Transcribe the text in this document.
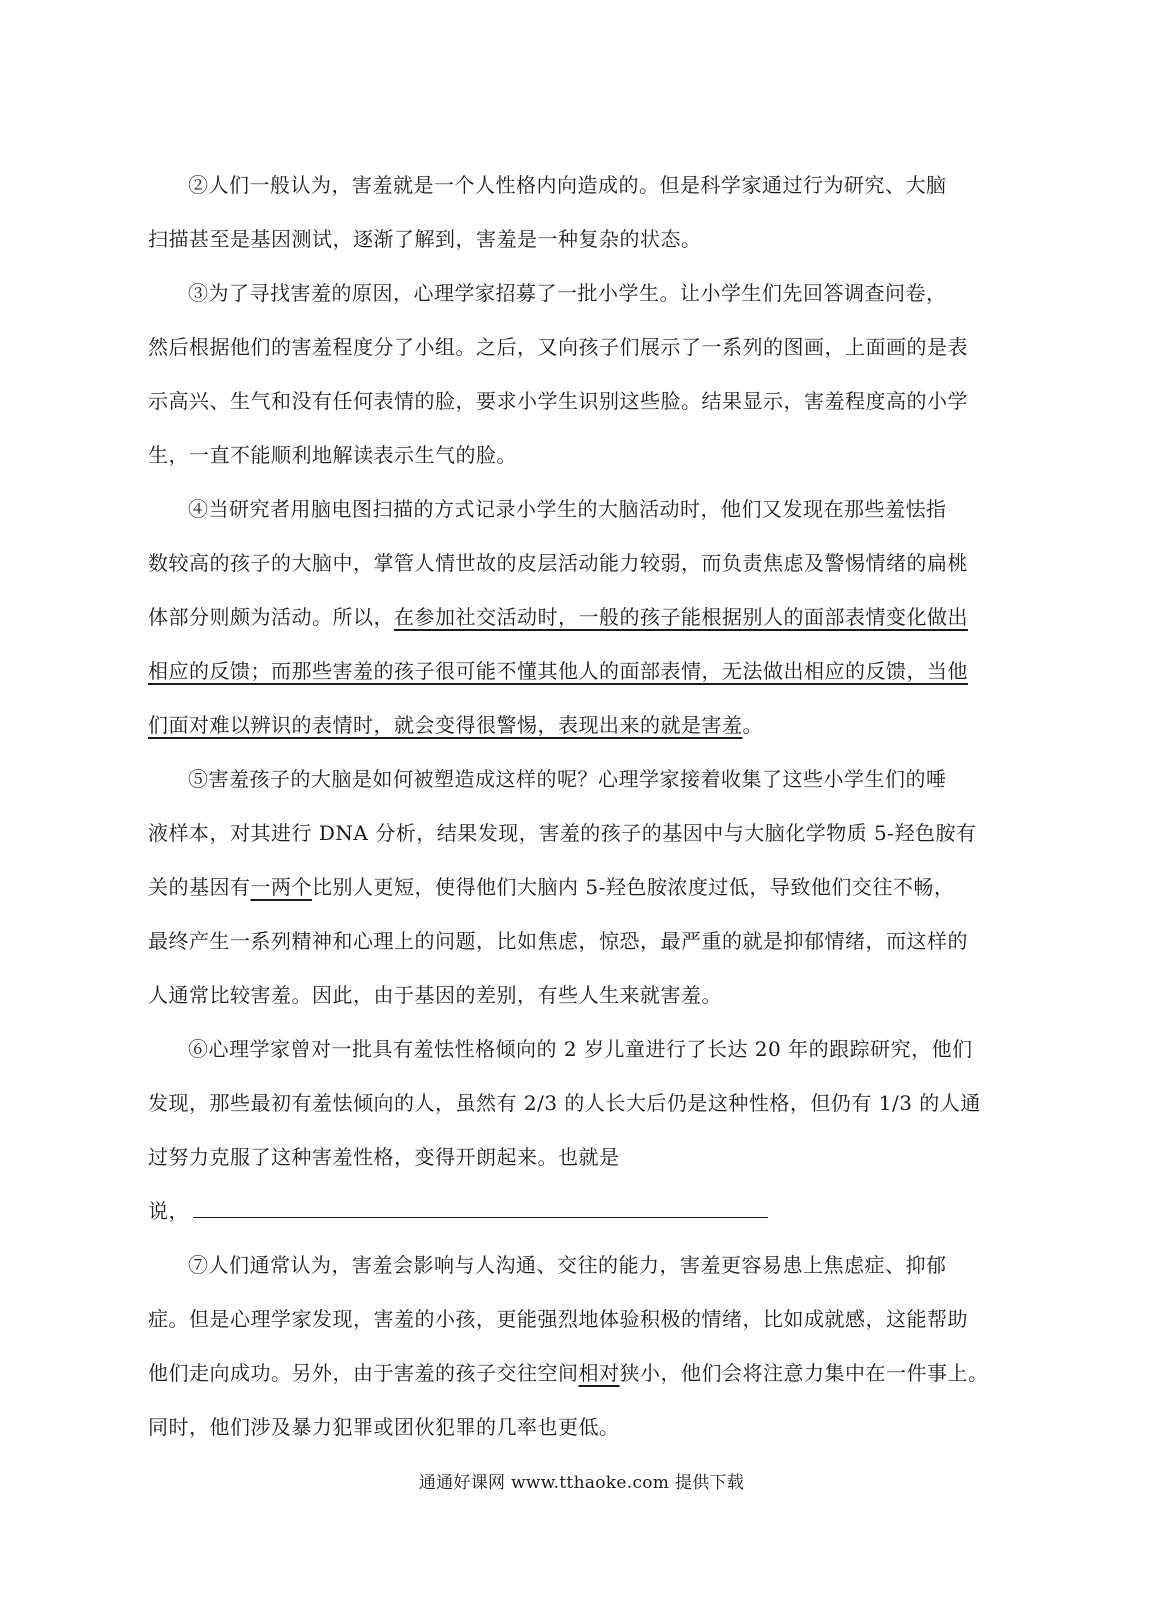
②人们一般认为，害羞就是一个人性格内向造成的。但是科学家通过行为研究、大脑
扫描甚至是基因测试，逐渐了解到，害羞是一种复杂的状态。

③为了寻找害羞的原因，心理学家招募了一批小学生。让小学生们先回答调查问卷，
然后根据他们的害羞程度分了小组。之后，又向孩子们展示了一系列的图画，上面画的是表
示高兴、生气和没有任何表情的脸，要求小学生识别这些脸。结果显示，害羞程度高的小学
生，一直不能顺利地解读表示生气的脸。

④当研究者用脑电图扫描的方式记录小学生的大脑活动时，他们又发现在那些羞怯指
数较高的孩子的大脑中，掌管人情世故的皮层活动能力较弱，而负责焦虑及警惕情绪的扁桃
体部分则颇为活动。所以，在参加社交活动时，一般的孩子能根据别人的面部表情变化做出
相应的反馈；而那些害羞的孩子很可能不懂其他人的面部表情，无法做出相应的反馈，当他
们面对难以辨识的表情时，就会变得很警惕，表现出来的就是害羞。

⑤害羞孩子的大脑是如何被塑造成这样的呢？心理学家接着收集了这些小学生们的唾
液样本，对其进行 DNA 分析，结果发现，害羞的孩子的基因中与大脑化学物质 5-羟色胺有
关的基因有一两个比别人更短，使得他们大脑内 5-羟色胺浓度过低，导致他们交往不畅，
最终产生一系列精神和心理上的问题，比如焦虑，惊恐，最严重的就是抑郁情绪，而这样的
人通常比较害羞。因此，由于基因的差别，有些人生来就害羞。

⑥心理学家曾对一批具有羞怯性格倾向的 2 岁儿童进行了长达 20 年的跟踪研究，他们
发现，那些最初有羞怯倾向的人，虽然有 2/3 的人长大后仍是这种性格，但仍有 1/3 的人通
过努力克服了这种害羞性格，变得开朗起来。也就是
说，

⑦人们通常认为，害羞会影响与人沟通、交往的能力，害羞更容易患上焦虑症、抑郁
症。但是心理学家发现，害羞的小孩，更能强烈地体验积极的情绪，比如成就感，这能帮助
他们走向成功。另外，由于害羞的孩子交往空间相对狭小，他们会将注意力集中在一件事上。
同时，他们涉及暴力犯罪或团伙犯罪的几率也更低。

通通好课网 www.tthaoke.com 提供下载
